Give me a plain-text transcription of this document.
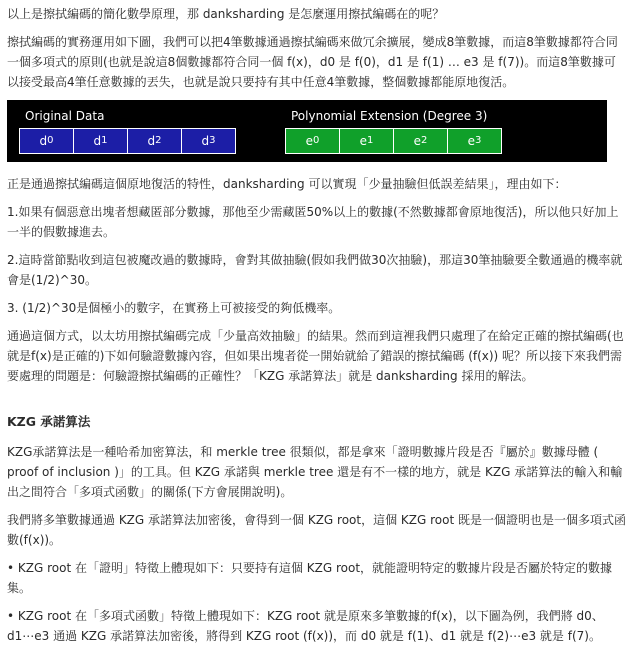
以上是擦拭編碼的簡化數學原理，那 danksharding 是怎麼運用擦拭編碼在的呢？

擦拭編碼的實務運用如下圖，我們可以把4筆數據通過擦拭編碼來做冗余擴展，變成8筆數據，而這8筆數據都符合同一個多項式的原則(也就是說這8個數據都符合同一個 f(x)，d0 是 f(0)，d1 是 f(1) … e3 是 f(7))。而這8筆數據可以接受最高4筆任意數據的丟失，也就是說只要持有其中任意4筆數據，整個數據都能原地復活。

Original Data	Polynomial Extension (Degree 3)
d 0	d 1	d 2	d 3	e 0	e 1	e 2	e 3

正是通過擦拭編碼這個原地復活的特性，danksharding 可以實現「少量抽驗但低誤差結果」，理由如下：

1.如果有個惡意出塊者想藏匿部分數據，那他至少需藏匿50%以上的數據(不然數據都會原地復活)，所以他只好加上一半的假數據進去。

2.這時當節點收到這包被魔改過的數據時，會對其做抽驗(假如我們做30次抽驗)，那這30筆抽驗要全數通過的機率就會是(1/2)^30。

3. (1/2)^30是個極小的數字，在實務上可被接受的夠低機率。

通過這個方式，以太坊用擦拭編碼完成「少量高效抽驗」的結果。然而到這裡我們只處理了在給定正確的擦拭編碼(也就是f(x)是正確的)下如何驗證數據內容，但如果出塊者從一開始就給了錯誤的擦拭編碼 (f(x)) 呢？所以接下來我們需要處理的問題是：何驗證擦拭編碼的正確性？「KZG 承諾算法」就是 danksharding 採用的解法。

KZG 承諾算法

KZG承諾算法是一種哈希加密算法，和 merkle tree 很類似，都是拿來「證明數據片段是否『屬於』數據母體 ( proof of inclusion )」的工具。但 KZG 承諾與 merkle tree 還是有不一樣的地方，就是 KZG 承諾算法的輸入和輸出之間符合「多項式函數」的關係(下方會展開說明)。

我們將多筆數據通過 KZG 承諾算法加密後，會得到一個 KZG root，這個 KZG root 既是一個證明也是一個多項式函數(f(x))。

• KZG root 在「證明」特徵上體現如下：只要持有這個 KZG root，就能證明特定的數據片段是否屬於特定的數據集。

• KZG root 在「多項式函數」特徵上體現如下：KZG root 就是原來多筆數據的f(x)，以下圖為例，我們將 d0、d1⋯e3 通過 KZG 承諾算法加密後，將得到 KZG root (f(x))，而 d0 就是 f(1)、d1 就是 f(2)⋯e3 就是 f(7)。
